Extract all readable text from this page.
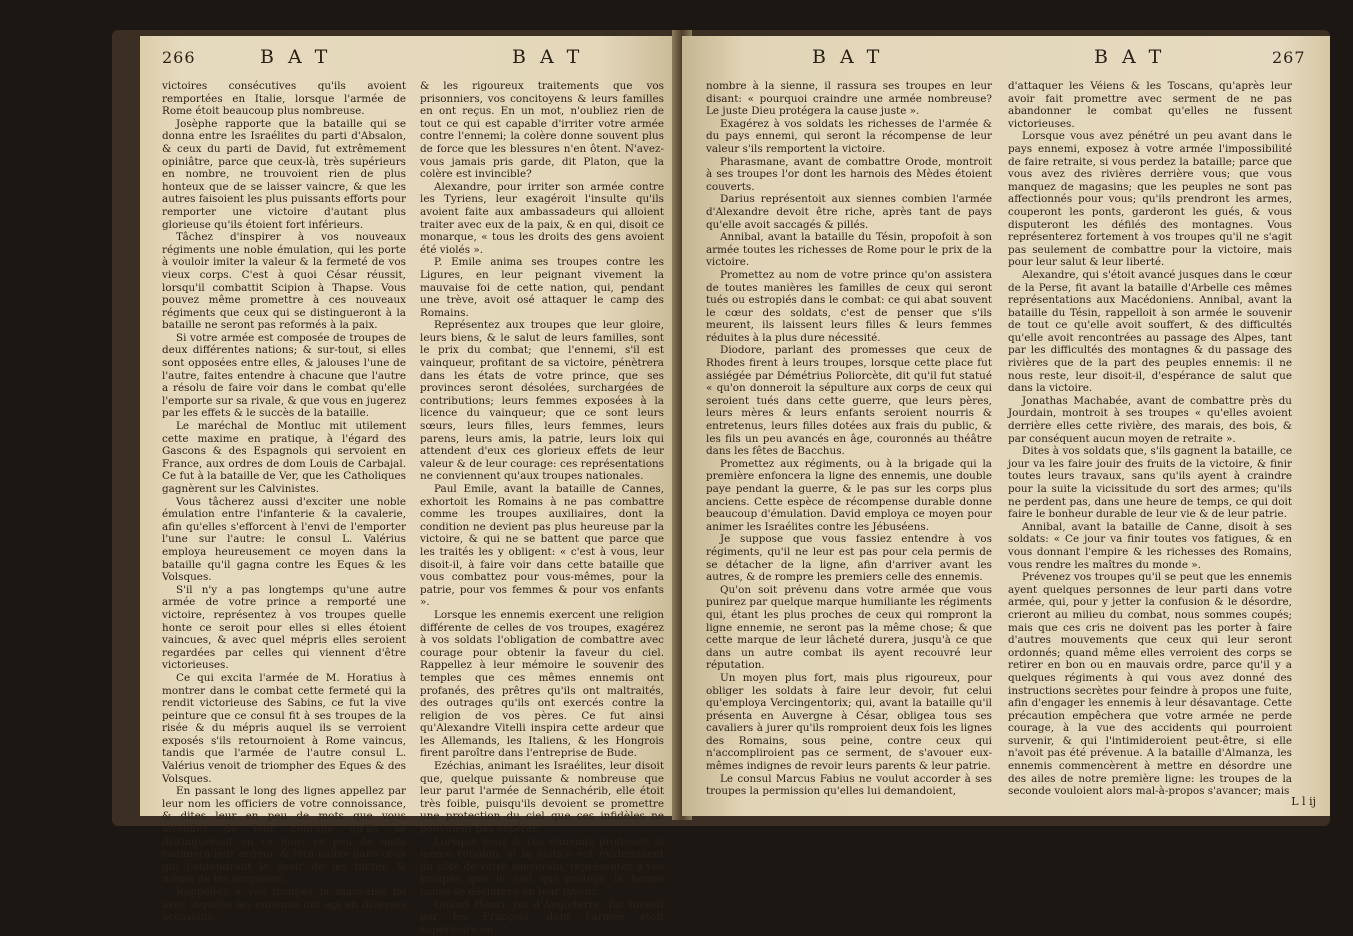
266	BAT	BAT

victoires consécutives qu'ils avoient remportées en Italie, lorsque l'armée de Rome étoit beaucoup plus nombreuse.

Josèphe rapporte que la bataille qui se donna entre les Israélites du parti d'Absalon, & ceux du parti de David, fut extrêmement opiniâtre, parce que ceux-là, très supérieurs en nombre, ne trouvoient rien de plus honteux que de se laisser vaincre, & que les autres faisoient les plus puissants efforts pour remporter une victoire d'autant plus glorieuse qu'ils étoient fort inférieurs.

Tâchez d'inspirer à vos nouveaux régiments une noble émulation, qui les porte à vouloir imiter la valeur & la fermeté de vos vieux corps. C'est à quoi César réussit, lorsqu'il combattit Scipion à Thapse. Vous pouvez même promettre à ces nouveaux régiments que ceux qui se distingueront à la bataille ne seront pas reformés à la paix.

Si votre armée est composée de troupes de deux différentes nations; & sur-tout, si elles sont opposées entre elles, & jalouses l'une de l'autre, faites entendre à chacune que l'autre a résolu de faire voir dans le combat qu'elle l'emporte sur sa rivale, & que vous en jugerez par les effets & le succès de la bataille.

Le maréchal de Montluc mit utilement cette maxime en pratique, à l'égard des Gascons & des Espagnols qui servoient en France, aux ordres de dom Louis de Carbajal. Ce fut à la bataille de Ver, que les Catholiques gagnèrent sur les Calvinistes.

Vous tâcherez aussi d'exciter une noble émulation entre l'infanterie & la cavalerie, afin qu'elles s'efforcent à l'envi de l'emporter l'une sur l'autre: le consul L. Valérius employa heureusement ce moyen dans la bataille qu'il gagna contre les Eques & les Volsques.

S'il n'y a pas longtemps qu'une autre armée de votre prince a remporté une victoire, représentez à vos troupes quelle honte ce seroit pour elles si elles étoient vaincues, & avec quel mépris elles seroient regardées par celles qui viennent d'être victorieuses.

Ce qui excita l'armée de M. Horatius à montrer dans le combat cette fermeté qui la rendit victorieuse des Sabins, ce fut la vive peinture que ce consul fit à ses troupes de la risée & du mépris auquel ils se verroient exposés s'ils retournoient à Rome vaincus, tandis que l'armée de l'autre consul L. Valérius venoit de triompher des Eques & des Volsques.

En passant le long des lignes appellez par leur nom les officiers de votre connoissance, & dites leur en peu de mots que vous attendez de leur courage qu'ils se distingueront en ce jour: ce peu de mots ranimera leur ardeur, & fera naître dans ceux qui l'entendront le desir de les imiter, & même de les surpasser.

Rappellez à vos troupes la mauvaise foi avec laquelle les ennemis ont agi en diverses occasions,

& les rigoureux traitements que vos prisonniers, vos concitoyens & leurs familles en ont reçus. En un mot, n'oubliez rien de tout ce qui est capable d'irriter votre armée contre l'ennemi; la colère donne souvent plus de force que les blessures n'en ôtent. N'avez-vous jamais pris garde, dit Platon, que la colère est invincible?

Alexandre, pour irriter son armée contre les Tyriens, leur exagéroit l'insulte qu'ils avoient faite aux ambassadeurs qui alloient traiter avec eux de la paix, & en qui, disoit ce monarque, « tous les droits des gens avoient été violés ».

P. Emile anima ses troupes contre les Ligures, en leur peignant vivement la mauvaise foi de cette nation, qui, pendant une trève, avoit osé attaquer le camp des Romains.

Représentez aux troupes que leur gloire, leurs biens, & le salut de leurs familles, sont le prix du combat; que l'ennemi, s'il est vainqueur, profitant de sa victoire, pénètrera dans les états de votre prince, que ses provinces seront désolées, surchargées de contributions; leurs femmes exposées à la licence du vainqueur; que ce sont leurs sœurs, leurs filles, leurs femmes, leurs parens, leurs amis, la patrie, leurs loix qui attendent d'eux ces glorieux effets de leur valeur & de leur courage: ces représentations ne conviennent qu'aux troupes nationales.

Paul Emile, avant la bataille de Cannes, exhortoit les Romains à ne pas combattre comme les troupes auxiliaires, dont la condition ne devient pas plus heureuse par la victoire, & qui ne se battent que parce que les traités les y obligent: « c'est à vous, leur disoit-il, à faire voir dans cette bataille que vous combattez pour vous-mêmes, pour la patrie, pour vos femmes & pour vos enfants ».

Lorsque les ennemis exercent une religion différente de celles de vos troupes, exagérez à vos soldats l'obligation de combattre avec courage pour obtenir la faveur du ciel. Rappellez à leur mémoire le souvenir des temples que ces mêmes ennemis ont profanés, des prêtres qu'ils ont maltraités, des outrages qu'ils ont exercés contre la religion de vos pères. Ce fut ainsi qu'Alexandre Vitelli inspira cette ardeur que les Allemands, les Italiens, & les Hongrois firent paroître dans l'entreprise de Bude.

Ezéchias, animant les Israélites, leur disoit que, quelque puissante & nombreuse que leur parut l'armée de Sennachérib, elle étoit très foible, puisqu'ils devoient se promettre une protection du ciel que ces infidèles ne pouvoient pas espérer.

Lorsque vous & vos ennemis professez la même religion; si la justice est évidemment du côté de votre souverain, représentez à vos troupes que le ciel qui protège la bonne cause se déclarera en leur faveur.

Quand Henri, roi d'Angleterre, fut investi par les François, dont l'armée étoit supérieure en

BAT	BAT	267

nombre à la sienne, il rassura ses troupes en leur disant: « pourquoi craindre une armée nombreuse? Le juste Dieu protégera la cause juste ».

Exagérez à vos soldats les richesses de l'armée & du pays ennemi, qui seront la récompense de leur valeur s'ils remportent la victoire.

Pharasmane, avant de combattre Orode, montroit à ses troupes l'or dont les harnois des Mèdes étoient couverts.

Darius représentoit aux siennes combien l'armée d'Alexandre devoit être riche, après tant de pays qu'elle avoit saccagés & pillés.

Annibal, avant la bataille du Tésin, propofoit à son armée toutes les richesses de Rome pour le prix de la victoire.

Promettez au nom de votre prince qu'on assistera de toutes manières les familles de ceux qui seront tués ou estropiés dans le combat: ce qui abat souvent le cœur des soldats, c'est de penser que s'ils meurent, ils laissent leurs filles & leurs femmes réduites à la plus dure nécessité.

Diodore, parlant des promesses que ceux de Rhodes firent à leurs troupes, lorsque cette place fut assiégée par Démétrius Poliorcète, dit qu'il fut statué « qu'on donneroit la sépulture aux corps de ceux qui seroient tués dans cette guerre, que leurs pères, leurs mères & leurs enfants seroient nourris & entretenus, leurs filles dotées aux frais du public, & les fils un peu avancés en âge, couronnés au théâtre dans les fêtes de Bacchus.

Promettez aux régiments, ou à la brigade qui la première enfoncera la ligne des ennemis, une double paye pendant la guerre, & le pas sur les corps plus anciens. Cette espèce de récompense durable donne beaucoup d'émulation. David employa ce moyen pour animer les Israélites contre les Jébuséens.

Je suppose que vous fassiez entendre à vos régiments, qu'il ne leur est pas pour cela permis de se détacher de la ligne, afin d'arriver avant les autres, & de rompre les premiers celle des ennemis.

Qu'on soit prévenu dans votre armée que vous punirez par quelque marque humiliante les régiments qui, étant les plus proches de ceux qui rompront la ligne ennemie, ne seront pas la même chose; & que cette marque de leur lâcheté durera, jusqu'à ce que dans un autre combat ils ayent recouvré leur réputation.

Un moyen plus fort, mais plus rigoureux, pour obliger les soldats à faire leur devoir, fut celui qu'employa Vercingentorix; qui, avant la bataille qu'il présenta en Auvergne à César, obligea tous ses cavaliers à jurer qu'ils romproient deux fois les lignes des Romains, sous peine, contre ceux qui n'accompliroient pas ce serment, de s'avouer eux-mêmes indignes de revoir leurs parents & leur patrie.

Le consul Marcus Fabius ne voulut accorder à ses troupes la permission qu'elles lui demandoient,

d'attaquer les Véiens & les Toscans, qu'après leur avoir fait promettre avec serment de ne pas abandonner le combat qu'elles ne fussent victorieuses.

Lorsque vous avez pénétré un peu avant dans le pays ennemi, exposez à votre armée l'impossibilité de faire retraite, si vous perdez la bataille; parce que vous avez des rivières derrière vous; que vous manquez de magasins; que les peuples ne sont pas affectionnés pour vous; qu'ils prendront les armes, couperont les ponts, garderont les gués, & vous disputeront les défilés des montagnes. Vous représenterez fortement à vos troupes qu'il ne s'agit pas seulement de combattre pour la victoire, mais pour leur salut & leur liberté.

Alexandre, qui s'étoit avancé jusques dans le cœur de la Perse, fit avant la bataille d'Arbelle ces mêmes représentations aux Macédoniens. Annibal, avant la bataille du Tésin, rappelloit à son armée le souvenir de tout ce qu'elle avoit souffert, & des difficultés qu'elle avoit rencontrées au passage des Alpes, tant par les difficultés des montagnes & du passage des rivières que de la part des peuples ennemis: il ne nous reste, leur disoit-il, d'espérance de salut que dans la victoire.

Jonathas Machabée, avant de combattre près du Jourdain, montroit à ses troupes « qu'elles avoient derrière elles cette rivière, des marais, des bois, & par conséquent aucun moyen de retraite ».

Dites à vos soldats que, s'ils gagnent la bataille, ce jour va les faire jouir des fruits de la victoire, & finir toutes leurs travaux, sans qu'ils ayent à craindre pour la suite la vicissitude du sort des armes; qu'ils ne perdent pas, dans une heure de temps, ce qui doit faire le bonheur durable de leur vie & de leur patrie.

Annibal, avant la bataille de Canne, disoit à ses soldats: « Ce jour va finir toutes vos fatigues, & en vous donnant l'empire & les richesses des Romains, vous rendre les maîtres du monde ».

Prévenez vos troupes qu'il se peut que les ennemis ayent quelques personnes de leur parti dans votre armée, qui, pour y jetter la confusion & le désordre, crieront au milieu du combat, nous sommes coupés; mais que ces cris ne doivent pas les porter à faire d'autres mouvements que ceux qui leur seront ordonnés; quand même elles verroient des corps se retirer en bon ou en mauvais ordre, parce qu'il y a quelques régiments à qui vous avez donné des instructions secrètes pour feindre à propos une fuite, afin d'engager les ennemis à leur désavantage. Cette précaution empêchera que votre armée ne perde courage, à la vue des accidents qui pourroient survenir, & qui l'intimideroient peut-être, si elle n'avoit pas été prévenue. A la bataille d'Almanza, les ennemis commencèrent à mettre en désordre une des ailes de notre première ligne: les troupes de la seconde vouloient alors mal-à-propos s'avancer; mais

L l ij
